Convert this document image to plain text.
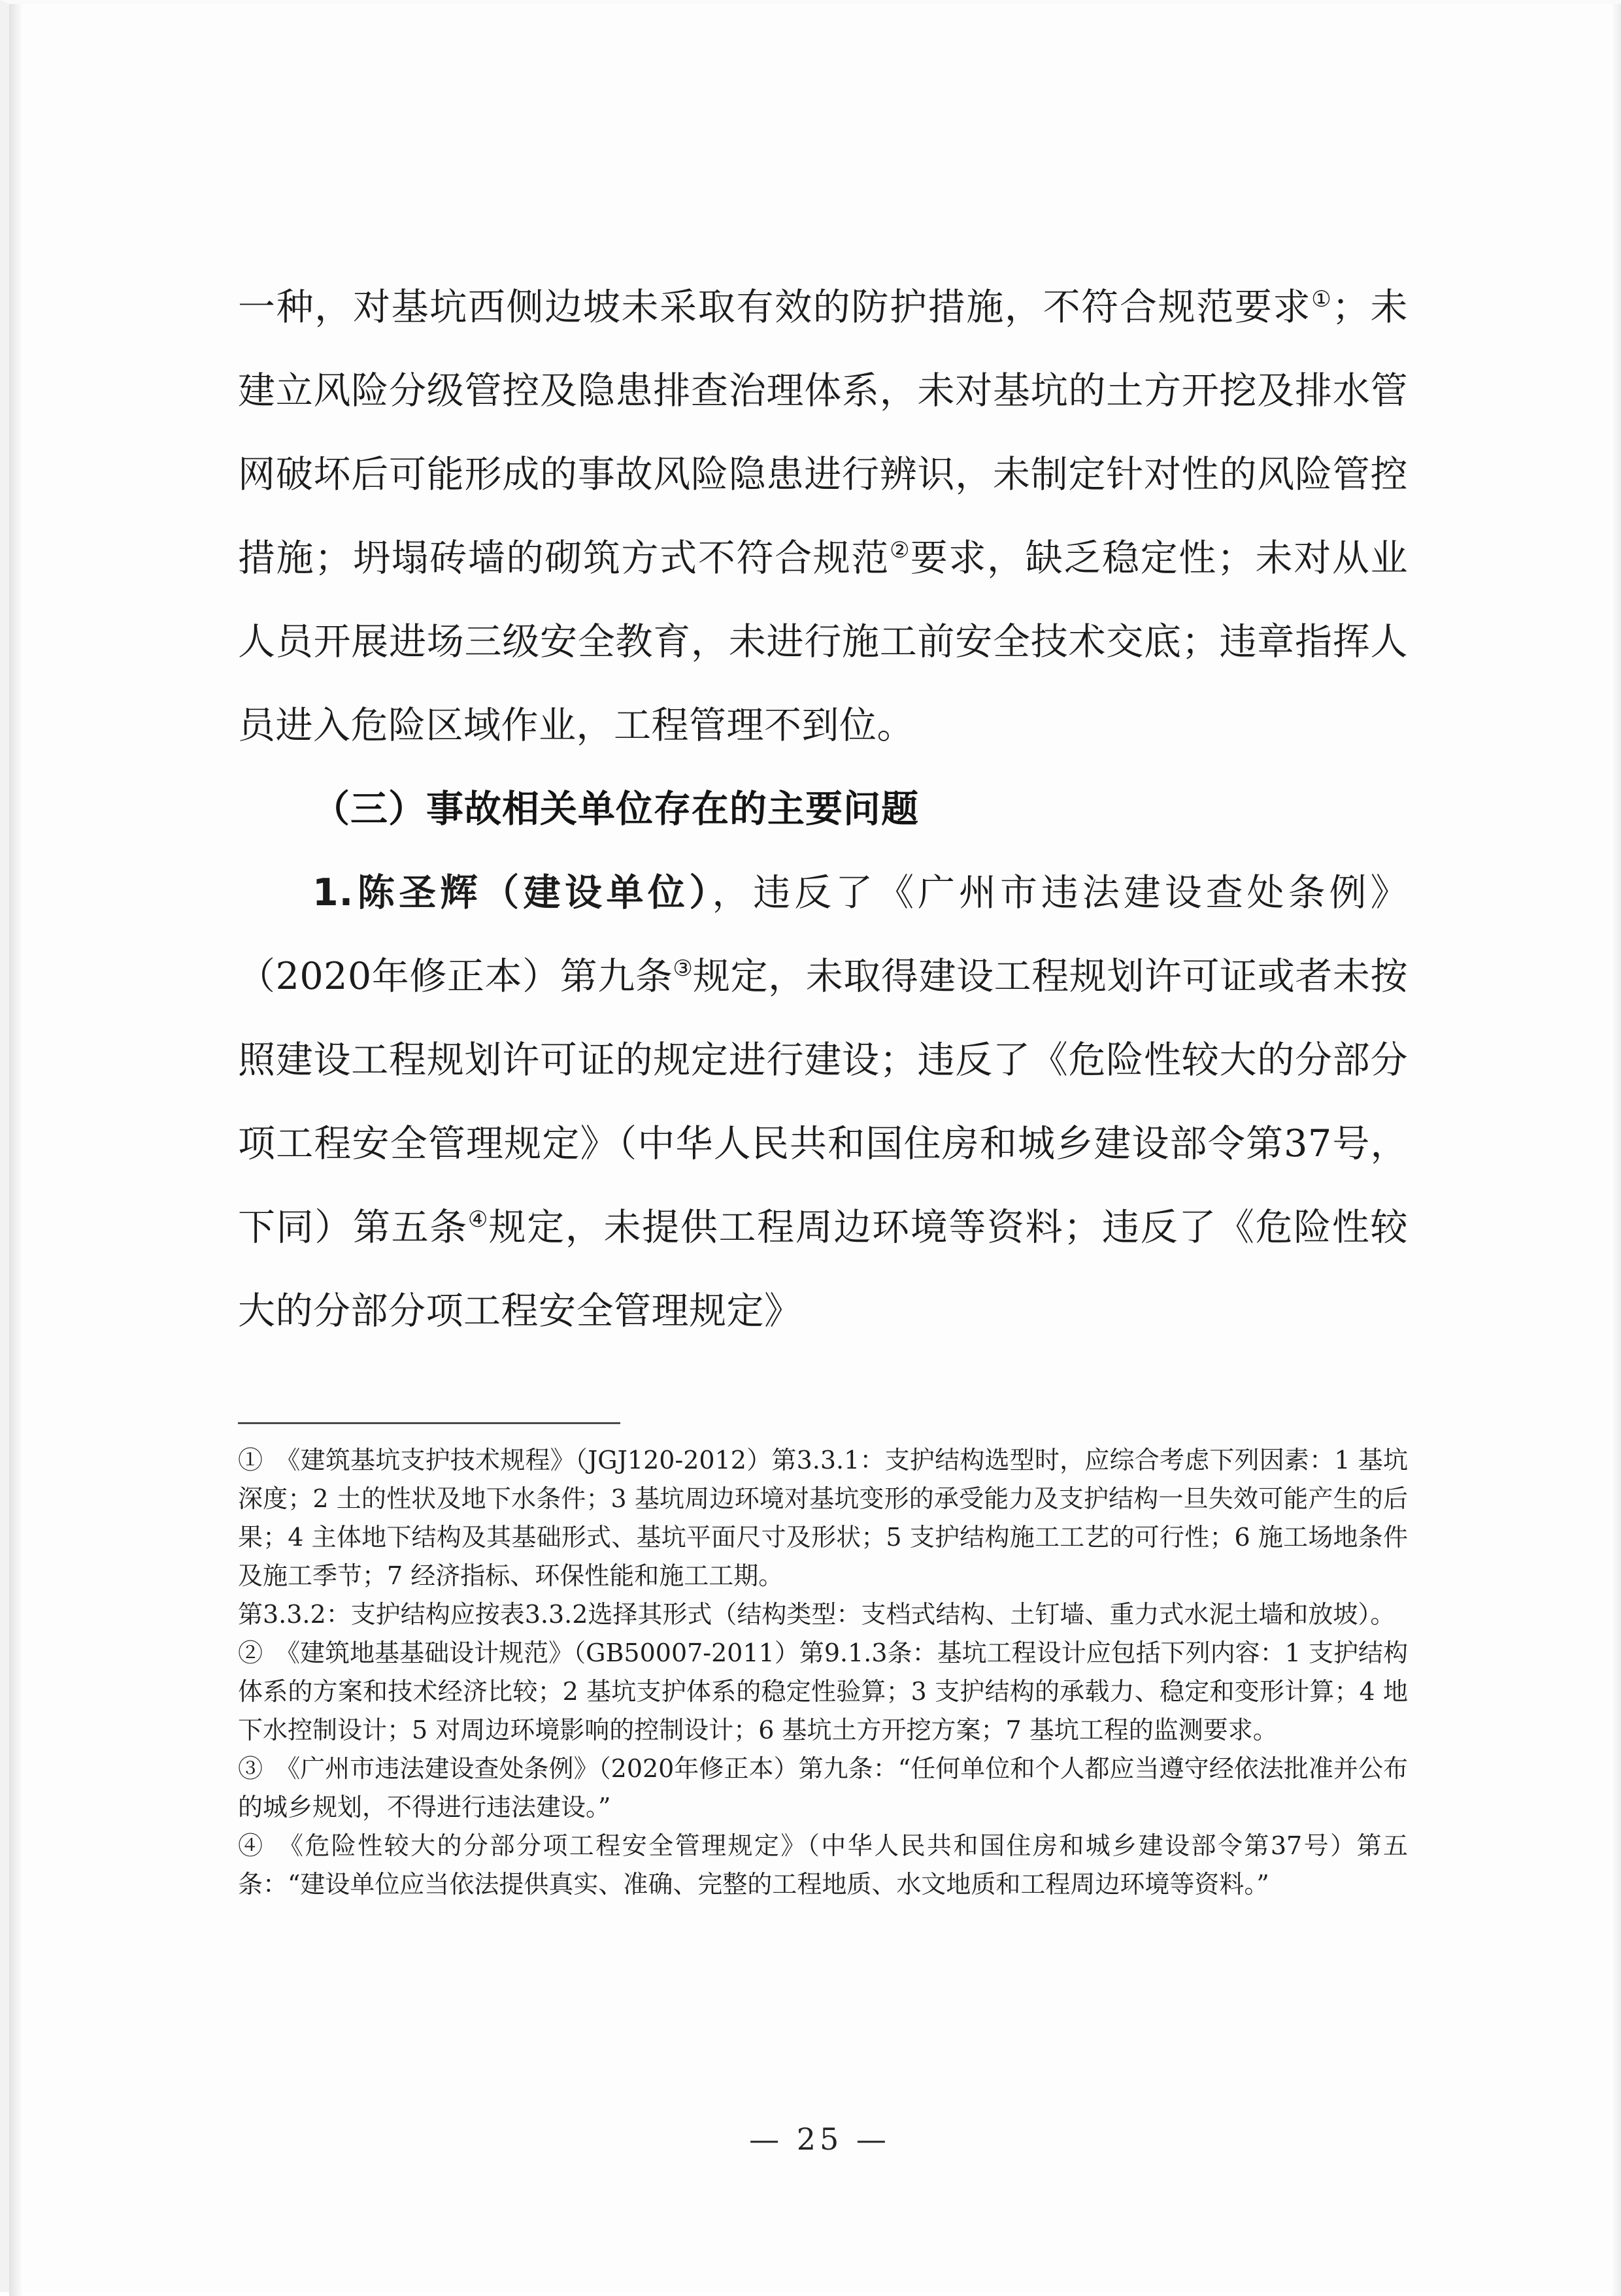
一种，对基坑西侧边坡未采取有效的防护措施，不符合规范要求①；未建立风险分级管控及隐患排查治理体系，未对基坑的土方开挖及排水管网破坏后可能形成的事故风险隐患进行辨识，未制定针对性的风险管控措施；坍塌砖墙的砌筑方式不符合规范②要求，缺乏稳定性；未对从业人员开展进场三级安全教育，未进行施工前安全技术交底；违章指挥人员进入危险区域作业，工程管理不到位。

（三）事故相关单位存在的主要问题

1.陈圣辉（建设单位），违反了《广州市违法建设查处条例》（2020年修正本）第九条③规定，未取得建设工程规划许可证或者未按照建设工程规划许可证的规定进行建设；违反了《危险性较大的分部分项工程安全管理规定》（中华人民共和国住房和城乡建设部令第37号，下同）第五条④规定，未提供工程周边环境等资料；违反了《危险性较大的分部分项工程安全管理规定》

①　《建筑基坑支护技术规程》（JGJ120-2012）第3.3.1：支护结构选型时，应综合考虑下列因素：1 基坑深度；2 土的性状及地下水条件；3 基坑周边环境对基坑变形的承受能力及支护结构一旦失效可能产生的后果；4 主体地下结构及其基础形式、基坑平面尺寸及形状；5 支护结构施工工艺的可行性；6 施工场地条件及施工季节；7 经济指标、环保性能和施工工期。

第3.3.2：支护结构应按表3.3.2选择其形式（结构类型：支档式结构、土钉墙、重力式水泥土墙和放坡）。

②　《建筑地基基础设计规范》（GB50007-2011）第9.1.3条：基坑工程设计应包括下列内容：1 支护结构体系的方案和技术经济比较；2 基坑支护体系的稳定性验算；3 支护结构的承载力、稳定和变形计算；4 地下水控制设计；5 对周边环境影响的控制设计；6 基坑土方开挖方案；7 基坑工程的监测要求。

③　《广州市违法建设查处条例》（2020年修正本）第九条：“任何单位和个人都应当遵守经依法批准并公布的城乡规划，不得进行违法建设。”

④　《危险性较大的分部分项工程安全管理规定》（中华人民共和国住房和城乡建设部令第37号）第五条：“建设单位应当依法提供真实、准确、完整的工程地质、水文地质和工程周边环境等资料。”

— 25 —
